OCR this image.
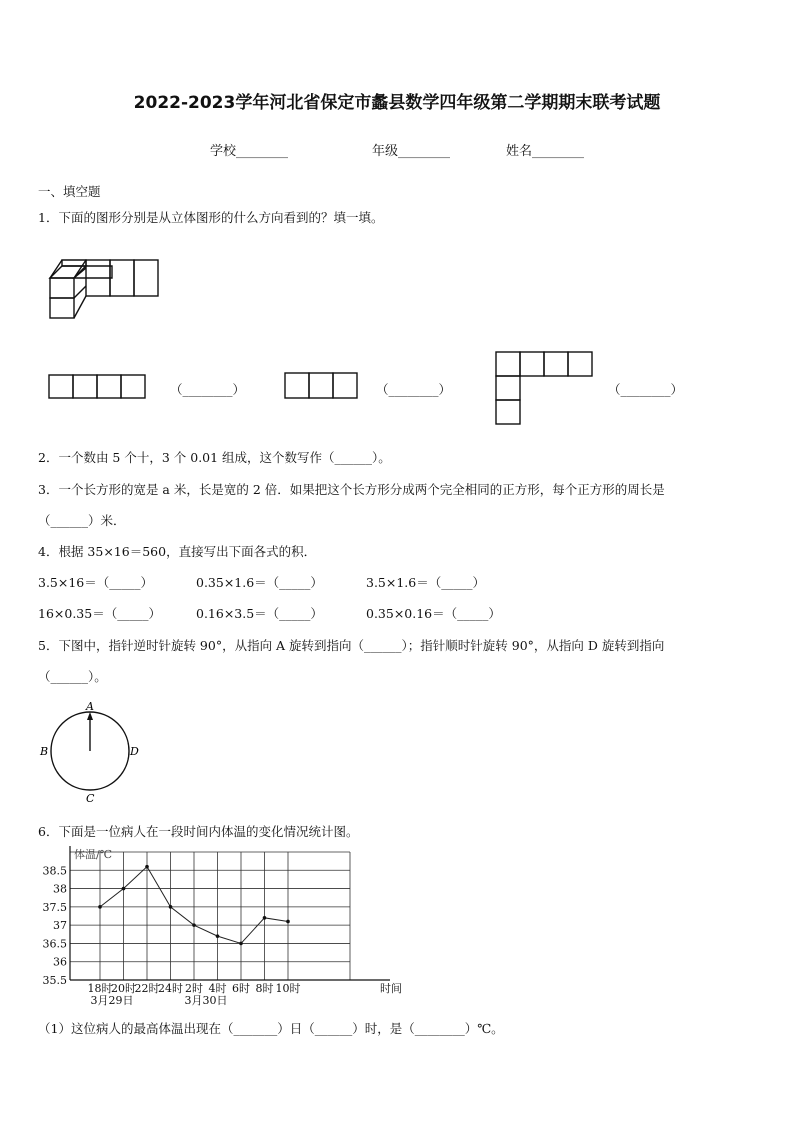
2022-2023学年河北省保定市蠡县数学四年级第二学期期末联考试题
学校________	年级________	姓名________
一、填空题
1．下面的图形分别是从立体图形的什么方向看到的？填一填。
（________）	（________）	（________）
2．一个数由 5 个十，3 个 0.01 组成，这个数写作（______）。
3．一个长方形的宽是 a 米，长是宽的 2 倍．如果把这个长方形分成两个完全相同的正方形，每个正方形的周长是
（______）米．
4．根据 35×16＝560，直接写出下面各式的积．
3.5×16＝（_____）	0.35×1.6＝（_____）	3.5×1.6＝（_____）
16×0.35＝（_____）	0.16×3.5＝（_____）	0.35×0.16＝（_____）
5．下图中，指针逆时针旋转 90°，从指向 A 旋转到指向（______）；指针顺时针旋转 90°，从指向 D 旋转到指向
（______）。
A
B	D
C
6．下面是一位病人在一段时间内体温的变化情况统计图。
35.5
36
36.5
37
37.5
38
38.5
体温/℃
时间
18时
20时
22时
24时 2时 4时 6时 8时 10时
3月29日	3月30日
（1）这位病人的最高体温出现在（_______）日（______）时，是（________）℃。
